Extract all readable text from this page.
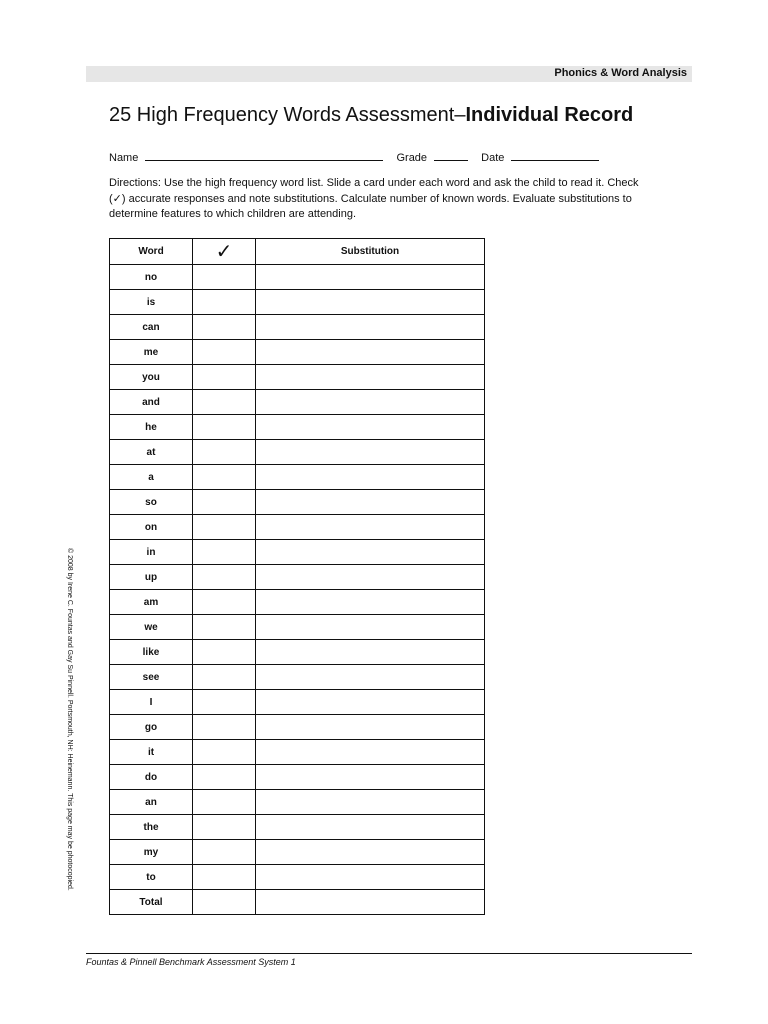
Phonics & Word Analysis
25 High Frequency Words Assessment–Individual Record
Name	Grade	Date

Directions: Use the high frequency word list. Slide a card under each word and ask the child to read it. Check (✓) accurate responses and note substitutions. Calculate number of known words. Evaluate substitutions to determine features to which children are attending.

Word	✓	Substitution
no		
is		
can		
me		
you		
and		
he		
at		
a		
so		
on		
in		
up		
am		
we		
like		
see		
I		
go		
it		
do		
an		
the		
my		
to		
Total		
© 2008 by Irene C. Fountas and Gay Su Pinnell. Portsmouth, NH: Heinemann. This page may be photocopied.
Fountas & Pinnell Benchmark Assessment System 1
